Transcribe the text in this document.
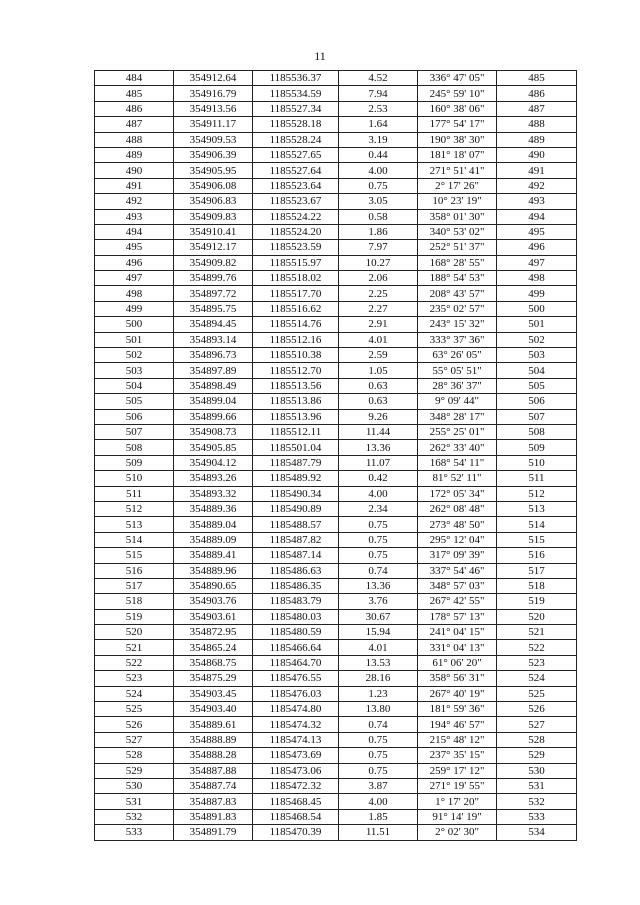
11
484	354912.64	1185536.37	4.52	336° 47' 05"	485
485	354916.79	1185534.59	7.94	245° 59' 10"	486
486	354913.56	1185527.34	2.53	160° 38' 06"	487
487	354911.17	1185528.18	1.64	177° 54' 17"	488
488	354909.53	1185528.24	3.19	190° 38' 30"	489
489	354906.39	1185527.65	0.44	181° 18' 07"	490
490	354905.95	1185527.64	4.00	271° 51' 41"	491
491	354906.08	1185523.64	0.75	2° 17' 26"	492
492	354906.83	1185523.67	3.05	10° 23' 19"	493
493	354909.83	1185524.22	0.58	358° 01' 30"	494
494	354910.41	1185524.20	1.86	340° 53' 02"	495
495	354912.17	1185523.59	7.97	252° 51' 37"	496
496	354909.82	1185515.97	10.27	168° 28' 55"	497
497	354899.76	1185518.02	2.06	188° 54' 53"	498
498	354897.72	1185517.70	2.25	208° 43' 57"	499
499	354895.75	1185516.62	2.27	235° 02' 57"	500
500	354894.45	1185514.76	2.91	243° 15' 32"	501
501	354893.14	1185512.16	4.01	333° 37' 36"	502
502	354896.73	1185510.38	2.59	63° 26' 05"	503
503	354897.89	1185512.70	1.05	55° 05' 51"	504
504	354898.49	1185513.56	0.63	28° 36' 37"	505
505	354899.04	1185513.86	0.63	9° 09' 44"	506
506	354899.66	1185513.96	9.26	348° 28' 17"	507
507	354908.73	1185512.11	11.44	255° 25' 01"	508
508	354905.85	1185501.04	13.36	262° 33' 40"	509
509	354904.12	1185487.79	11.07	168° 54' 11"	510
510	354893.26	1185489.92	0.42	81° 52' 11"	511
511	354893.32	1185490.34	4.00	172° 05' 34"	512
512	354889.36	1185490.89	2.34	262° 08' 48"	513
513	354889.04	1185488.57	0.75	273° 48' 50"	514
514	354889.09	1185487.82	0.75	295° 12' 04"	515
515	354889.41	1185487.14	0.75	317° 09' 39"	516
516	354889.96	1185486.63	0.74	337° 54' 46"	517
517	354890.65	1185486.35	13.36	348° 57' 03"	518
518	354903.76	1185483.79	3.76	267° 42' 55"	519
519	354903.61	1185480.03	30.67	178° 57' 13"	520
520	354872.95	1185480.59	15.94	241° 04' 15"	521
521	354865.24	1185466.64	4.01	331° 04' 13"	522
522	354868.75	1185464.70	13.53	61° 06' 20"	523
523	354875.29	1185476.55	28.16	358° 56' 31"	524
524	354903.45	1185476.03	1.23	267° 40' 19"	525
525	354903.40	1185474.80	13.80	181° 59' 36"	526
526	354889.61	1185474.32	0.74	194° 46' 57"	527
527	354888.89	1185474.13	0.75	215° 48' 12"	528
528	354888.28	1185473.69	0.75	237° 35' 15"	529
529	354887.88	1185473.06	0.75	259° 17' 12"	530
530	354887.74	1185472.32	3.87	271° 19' 55"	531
531	354887.83	1185468.45	4.00	1° 17' 20"	532
532	354891.83	1185468.54	1.85	91° 14' 19"	533
533	354891.79	1185470.39	11.51	2° 02' 30"	534
